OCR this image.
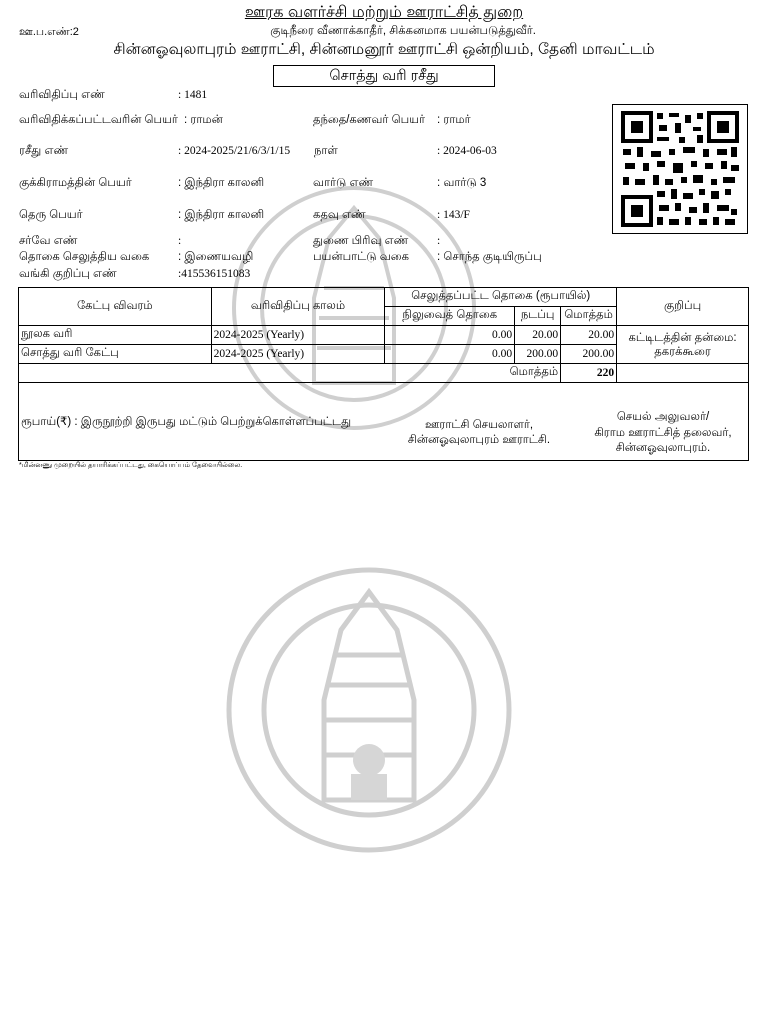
ஊரக வளர்ச்சி மற்றும் ஊராட்சித் துறை
ஊ.ப.எண்:2	குடிநீரை வீணாக்காதீர், சிக்கனமாக பயன்படுத்துவீர்.
சின்னஓவுலாபுரம் ஊராட்சி, சின்னமனூர் ஊராட்சி ஒன்றியம், தேனி மாவட்டம்
சொத்து வரி ரசீது
வரிவிதிப்பு எண்	: 1481
வரிவிதிக்கப்பட்டவரின் பெயர் : ராமன்	தந்தை/கணவர் பெயர் : ராமர்
ரசீது எண்	: 2024-2025/21/6/3/1/15 நாள்	: 2024-06-03
குக்கிராமத்தின் பெயர்	: இந்திரா காலனி	வார்டு எண்	: வார்டு 3
தெரு பெயர்	: இந்திரா காலனி	கதவு எண்	: 143/F
சர்வே எண்	:	துணை பிரிவு எண் :
தொகை செலுத்திய வகை : இணையவழி	பயன்பாட்டு வகை : சொந்த குடியிருப்பு
வங்கி குறிப்பு எண்	:415536151083
கேட்பு விவரம்	வரிவிதிப்பு காலம்	செலுத்தப்பட்ட தொகை (ரூபாயில்)			குறிப்பு
		நிலுவைத் தொகை	நடப்பு	மொத்தம்	
நூலக வரி	2024-2025 (Yearly)	0.00	20.00	20.00	கட்டிடத்தின் தன்மை: தகரக்கூரை
சொத்து வரி கேட்பு	2024-2025 (Yearly)	0.00	200.00	200.00	
மொத்தம்				220	
ரூபாய்(₹) : இருநூற்றி இருபது மட்டும் பெற்றுக்கொள்ளப்பட்டது	ஊராட்சி செயலாளர்,
சின்னஓவுலாபுரம் ஊராட்சி.
செயல் அலுவலர்/
கிராம ஊராட்சித் தலைவர்,
சின்னஓவுலாபுரம்.
*மின்னணு முறையில் தயாரிக்கப்பட்டது, கையொப்பம் தேவையில்லை.
